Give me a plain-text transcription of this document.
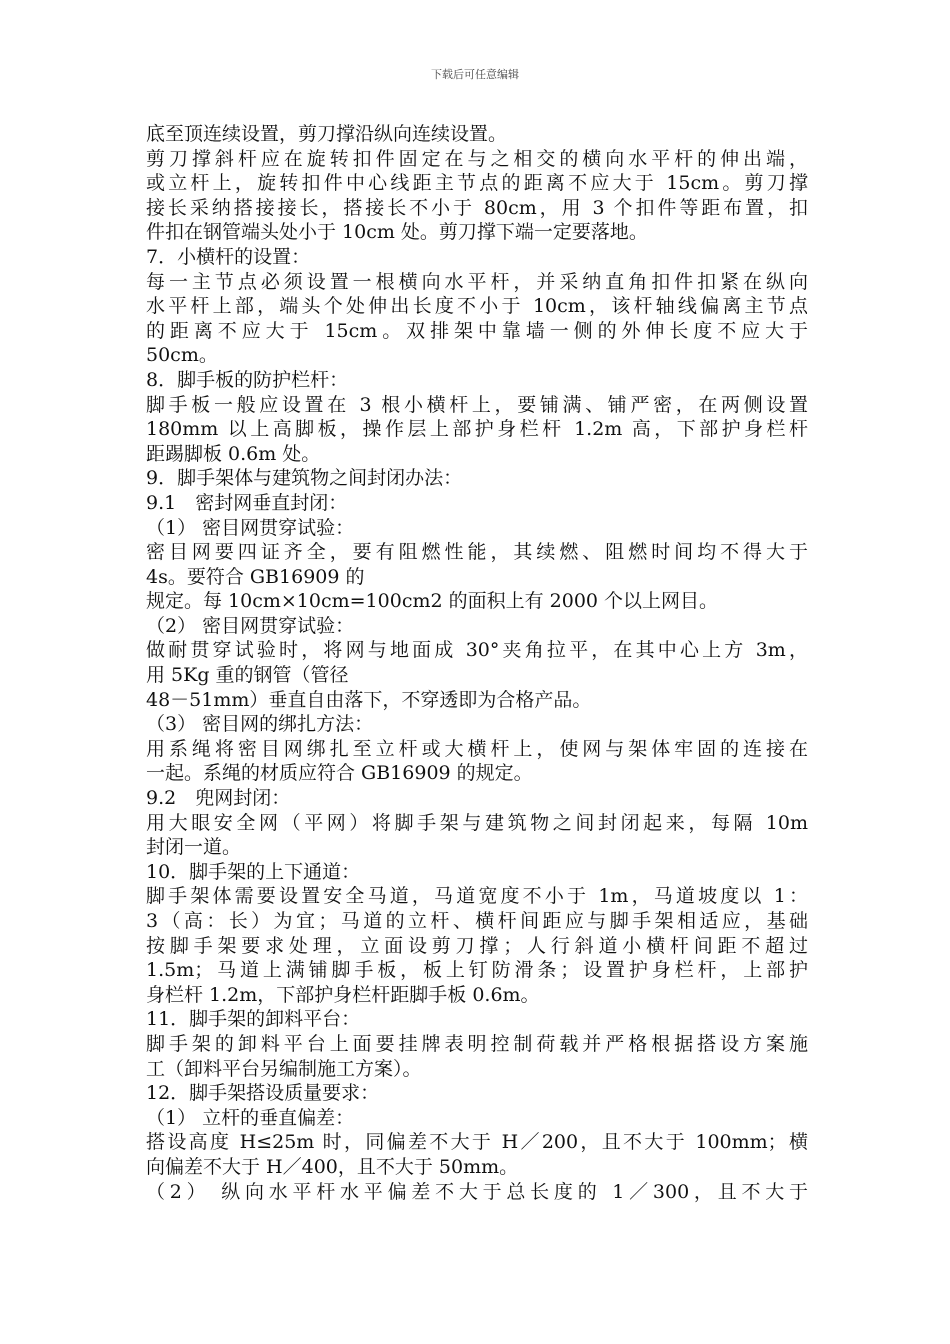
下载后可任意编辑
底至顶连续设置，剪刀撑沿纵向连续设置。
剪刀撑斜杆应在旋转扣件固定在与之相交的横向水平杆的伸出端，
或立杆上，旋转扣件中心线距主节点的距离不应大于 15cm。剪刀撑
接长采纳搭接接长，搭接长不小于 80cm，用 3 个扣件等距布置，扣
件扣在钢管端头处小于 10cm 处。剪刀撑下端一定要落地。
7．小横杆的设置：
每一主节点必须设置一根横向水平杆，并采纳直角扣件扣紧在纵向
水平杆上部，端头个处伸出长度不小于 10cm，该杆轴线偏离主节点
的距离不应大于 15cm。双排架中靠墙一侧的外伸长度不应大于
50cm。
8．脚手板的防护栏杆：
脚手板一般应设置在 3 根小横杆上，要铺满、铺严密，在两侧设置
180mm 以上高脚板，操作层上部护身栏杆 1.2m 高，下部护身栏杆
距踢脚板 0.6m 处。
9．脚手架体与建筑物之间封闭办法：
9.1　密封网垂直封闭：
（1） 密目网贯穿试验：
密目网要四证齐全，要有阻燃性能，其续燃、阻燃时间均不得大于
4s。要符合 GB16909 的
规定。每 10cm×10cm=100cm2 的面积上有 2000 个以上网目。
（2） 密目网贯穿试验：
做耐贯穿试验时，将网与地面成 30°夹角拉平，在其中心上方 3m，
用 5Kg 重的钢管（管径
48－51mm）垂直自由落下，不穿透即为合格产品。
（3） 密目网的绑扎方法：
用系绳将密目网绑扎至立杆或大横杆上，使网与架体牢固的连接在
一起。系绳的材质应符合 GB16909 的规定。
9.2　兜网封闭：
用大眼安全网（平网）将脚手架与建筑物之间封闭起来，每隔 10m
封闭一道。
10．脚手架的上下通道：
脚手架体需要设置安全马道，马道宽度不小于 1m，马道坡度以 1：
3（高：长）为宜；马道的立杆、横杆间距应与脚手架相适应，基础
按脚手架要求处理，立面设剪刀撑；人行斜道小横杆间距不超过
1.5m；马道上满铺脚手板，板上钉防滑条；设置护身栏杆，上部护
身栏杆 1.2m，下部护身栏杆距脚手板 0.6m。
11．脚手架的卸料平台：
脚手架的卸料平台上面要挂牌表明控制荷载并严格根据搭设方案施
工（卸料平台另编制施工方案）。
12．脚手架搭设质量要求：
（1） 立杆的垂直偏差：
搭设高度 H≤25m 时，同偏差不大于 H／200，且不大于 100mm；横
向偏差不大于 H／400，且不大于 50mm。
（2） 纵向水平杆水平偏差不大于总长度的 1／300，且不大于
